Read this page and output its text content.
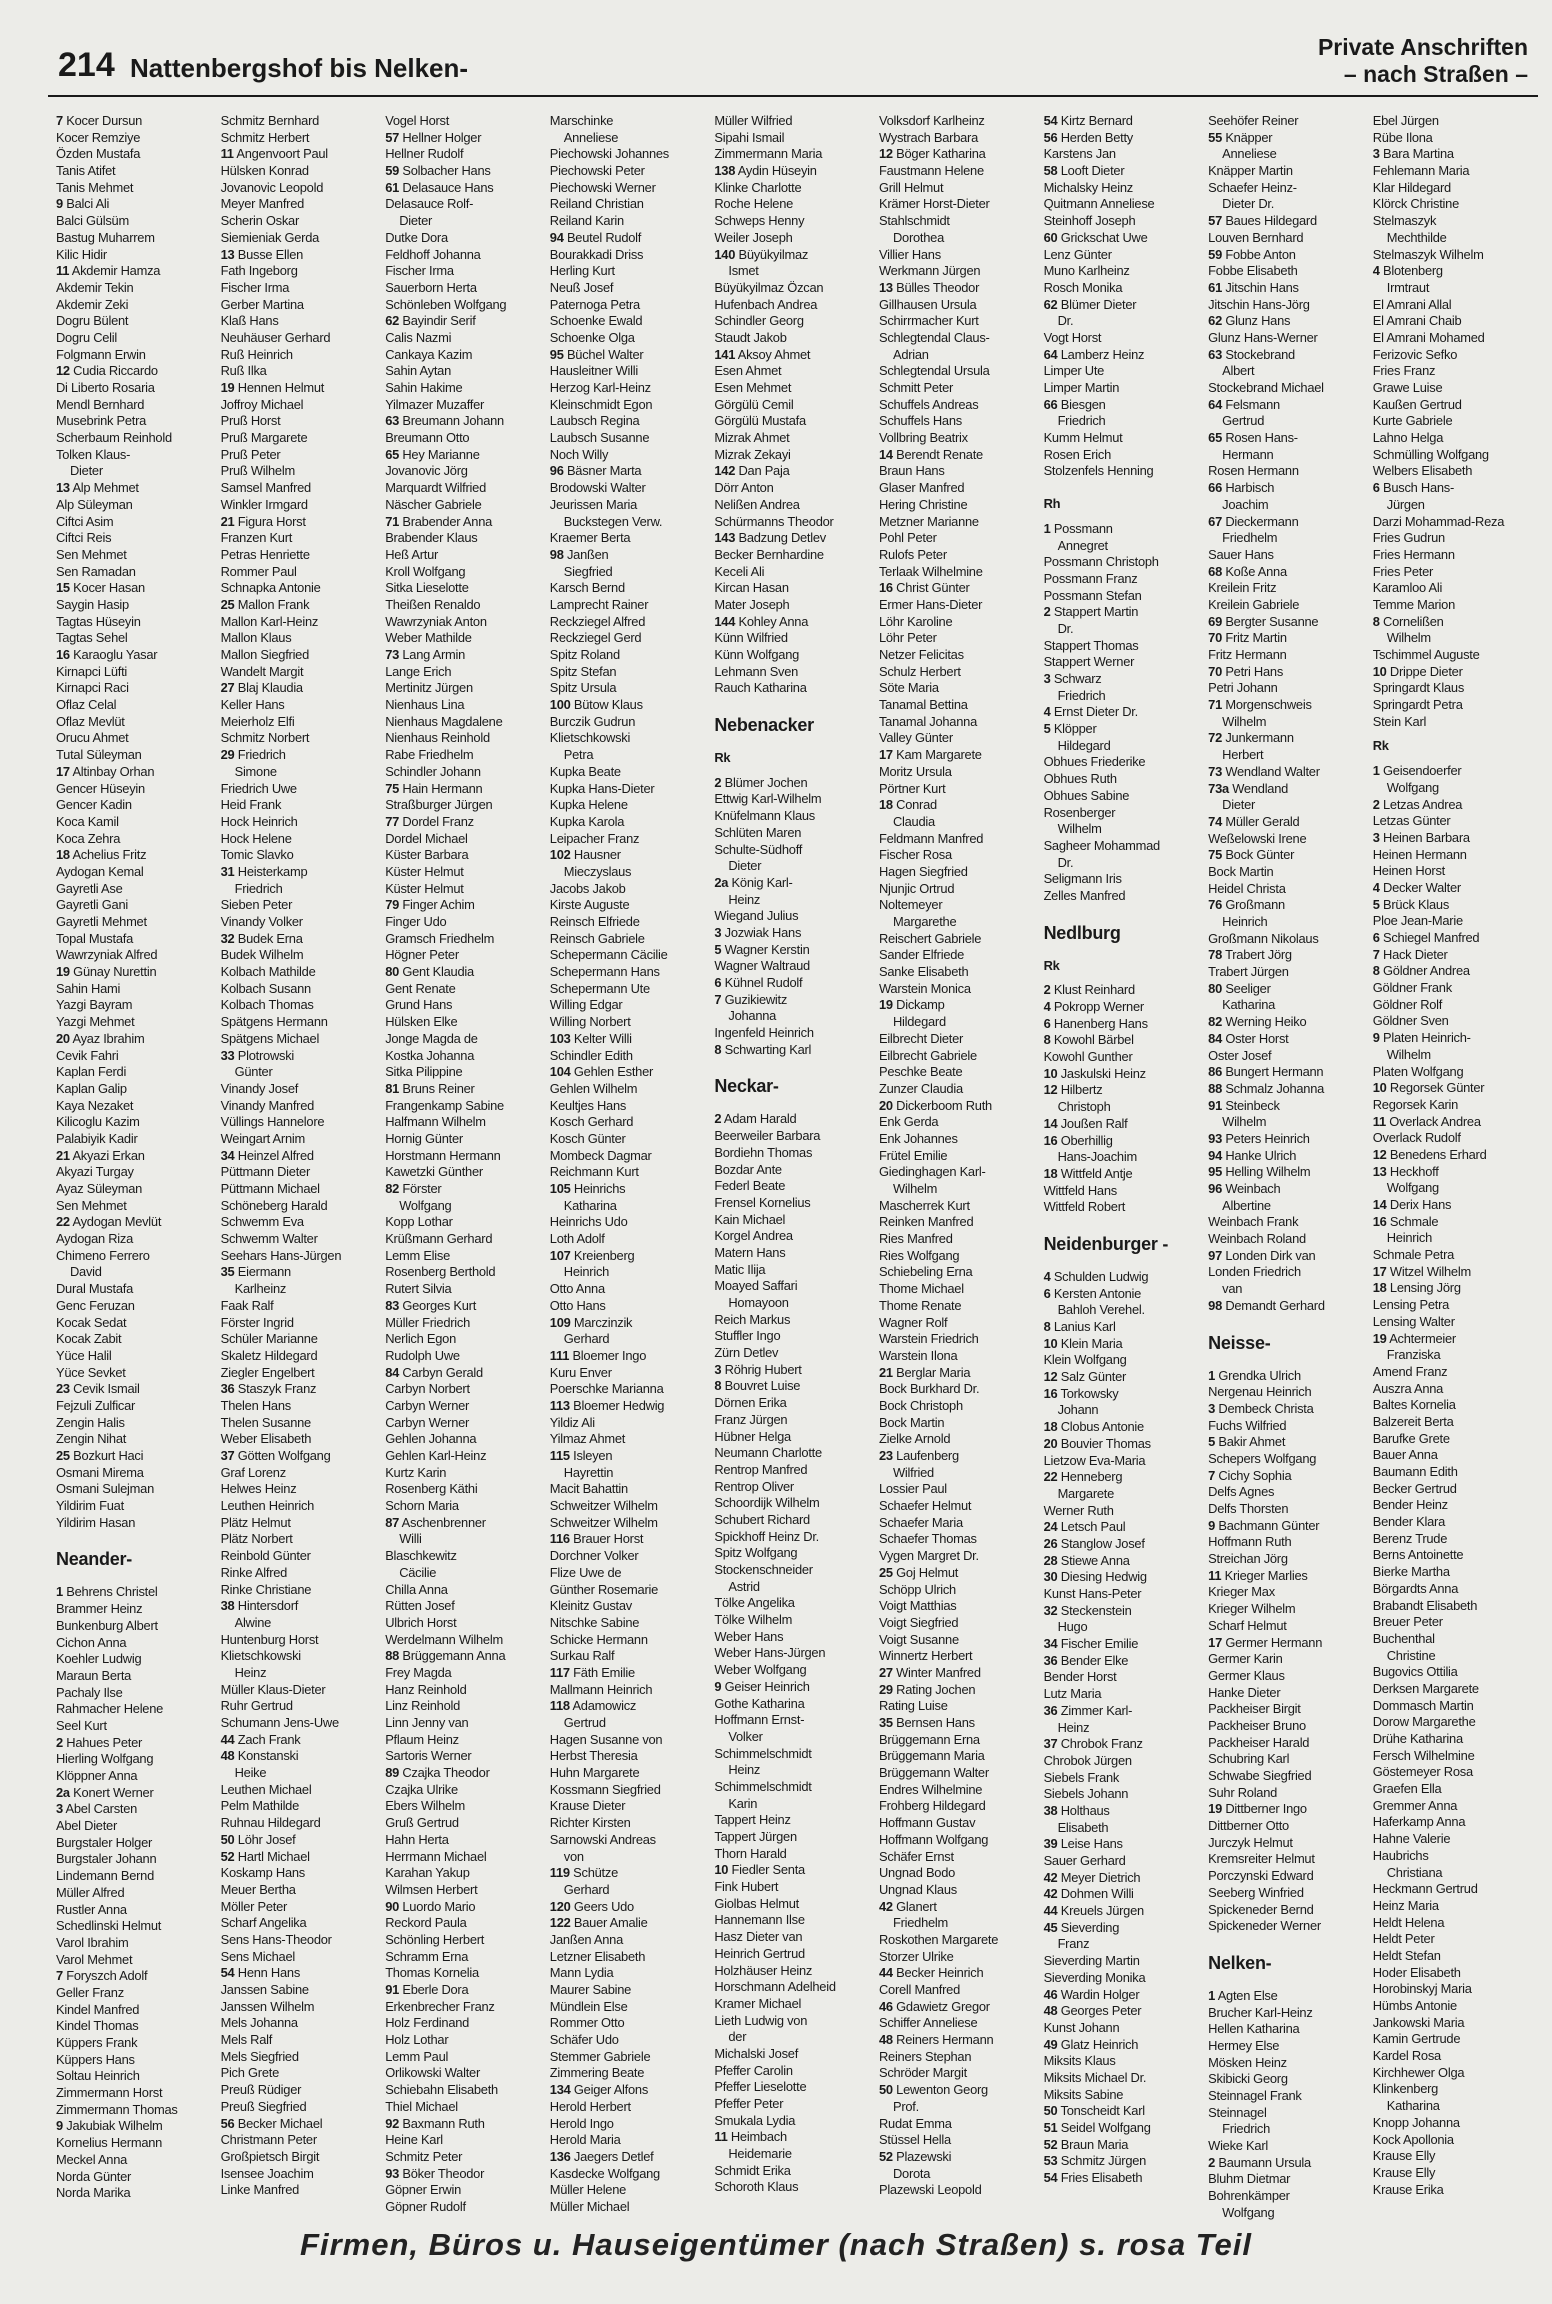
214 Nattenbergshof bis Nelken-
Private Anschriften
– nach Straßen –
7 Kocer Dursun
Kocer Remziye
Özden Mustafa
Tanis Atifet
Tanis Mehmet
9 Balci Ali
Balci Gülsüm
Bastug Muharrem
Kilic Hidir
11 Akdemir Hamza
Akdemir Tekin
Akdemir Zeki
Dogru Bülent
Dogru Celil
Folgmann Erwin
12 Cudia Riccardo
Di Liberto Rosaria
Mendl Bernhard
Musebrink Petra
Scherbaum Reinhold
Tolken Klaus-
Dieter
13 Alp Mehmet
Alp Süleyman
Ciftci Asim
Ciftci Reis
Sen Mehmet
Sen Ramadan
15 Kocer Hasan
Saygin Hasip
Tagtas Hüseyin
Tagtas Sehel
16 Karaoglu Yasar
Kirnapci Lüfti
Kirnapci Raci
Oflaz Celal
Oflaz Mevlüt
Orucu Ahmet
Tutal Süleyman
17 Altinbay Orhan
Gencer Hüseyin
Gencer Kadin
Koca Kamil
Koca Zehra
18 Achelius Fritz
Aydogan Kemal
Gayretli Ase
Gayretli Gani
Gayretli Mehmet
Topal Mustafa
Wawrzyniak Alfred
19 Günay Nurettin
Sahin Hami
Yazgi Bayram
Yazgi Mehmet
20 Ayaz Ibrahim
Cevik Fahri
Kaplan Ferdi
Kaplan Galip
Kaya Nezaket
Kilicoglu Kazim
Palabiyik Kadir
21 Akyazi Erkan
Akyazi Turgay
Ayaz Süleyman
Sen Mehmet
22 Aydogan Mevlüt
Aydogan Riza
Chimeno Ferrero
David
Dural Mustafa
Genc Feruzan
Kocak Sedat
Kocak Zabit
Yüce Halil
Yüce Sevket
23 Cevik Ismail
Fejzuli Zulficar
Zengin Halis
Zengin Nihat
25 Bozkurt Haci
Osmani Mirema
Osmani Sulejman
Yildirim Fuat
Yildirim Hasan
Neander-
1 Behrens Christel
Brammer Heinz
Bunkenburg Albert
Cichon Anna
Koehler Ludwig
Maraun Berta
Pachaly Ilse
Rahmacher Helene
Seel Kurt
2 Hahues Peter
Hierling Wolfgang
Klöppner Anna
2a Konert Werner
3 Abel Carsten
Abel Dieter
Burgstaler Holger
Burgstaler Johann
Lindemann Bernd
Müller Alfred
Rustler Anna
Schedlinski Helmut
Varol Ibrahim
Varol Mehmet
7 Foryszch Adolf
Geller Franz
Kindel Manfred
Kindel Thomas
Küppers Frank
Küppers Hans
Soltau Heinrich
Zimmermann Horst
Zimmermann Thomas
9 Jakubiak Wilhelm
Kornelius Hermann
Meckel Anna
Norda Günter
Norda Marika
Schmitz Bernhard
Schmitz Herbert
11 Angenvoort Paul
Hülsken Konrad
Jovanovic Leopold
Meyer Manfred
Scherin Oskar
Siemieniak Gerda
13 Busse Ellen
Fath Ingeborg
Fischer Irma
Gerber Martina
Klaß Hans
Neuhäuser Gerhard
Ruß Heinrich
Ruß Ilka
19 Hennen Helmut
Joffroy Michael
Pruß Horst
Pruß Margarete
Pruß Peter
Pruß Wilhelm
Samsel Manfred
Winkler Irmgard
21 Figura Horst
Franzen Kurt
Petras Henriette
Rommer Paul
Schnapka Antonie
25 Mallon Frank
Mallon Karl-Heinz
Mallon Klaus
Mallon Siegfried
Wandelt Margit
27 Blaj Klaudia
Keller Hans
Meierholz Elfi
Schmitz Norbert
29 Friedrich
Simone
Friedrich Uwe
Heid Frank
Hock Heinrich
Hock Helene
Tomic Slavko
31 Heisterkamp
Friedrich
Sieben Peter
Vinandy Volker
32 Budek Erna
Budek Wilhelm
Kolbach Mathilde
Kolbach Susann
Kolbach Thomas
Spätgens Hermann
Spätgens Michael
33 Plotrowski
Günter
Vinandy Josef
Vinandy Manfred
Vüllings Hannelore
Weingart Arnim
34 Heinzel Alfred
Püttmann Dieter
Püttmann Michael
Schöneberg Harald
Schwemm Eva
Schwemm Walter
Seehars Hans-Jürgen
35 Eiermann
Karlheinz
Faak Ralf
Förster Ingrid
Schüler Marianne
Skaletz Hildegard
Ziegler Engelbert
36 Staszyk Franz
Thelen Hans
Thelen Susanne
Weber Elisabeth
37 Götten Wolfgang
Graf Lorenz
Helwes Heinz
Leuthen Heinrich
Plätz Helmut
Plätz Norbert
Reinbold Günter
Rinke Alfred
Rinke Christiane
38 Hintersdorf
Alwine
Huntenburg Horst
Klietschkowski
Heinz
Müller Klaus-Dieter
Ruhr Gertrud
Schumann Jens-Uwe
44 Zach Frank
48 Konstanski
Heike
Leuthen Michael
Pelm Mathilde
Ruhnau Hildegard
50 Löhr Josef
52 Hartl Michael
Koskamp Hans
Meuer Bertha
Möller Peter
Scharf Angelika
Sens Hans-Theodor
Sens Michael
54 Henn Hans
Janssen Sabine
Janssen Wilhelm
Mels Johanna
Mels Ralf
Mels Siegfried
Pich Grete
Preuß Rüdiger
Preuß Siegfried
56 Becker Michael
Christmann Peter
Großpietsch Birgit
Isensee Joachim
Linke Manfred
Vogel Horst
57 Hellner Holger
Hellner Rudolf
59 Solbacher Hans
61 Delasauce Hans
Delasauce Rolf-
Dieter
Dutke Dora
Feldhoff Johanna
Fischer Irma
Sauerborn Herta
Schönleben Wolfgang
62 Bayindir Serif
Calis Nazmi
Cankaya Kazim
Sahin Aytan
Sahin Hakime
Yilmazer Muzaffer
63 Breumann Johann
Breumann Otto
65 Hey Marianne
Jovanovic Jörg
Marquardt Wilfried
Näscher Gabriele
71 Brabender Anna
Brabender Klaus
Heß Artur
Kroll Wolfgang
Sitka Lieselotte
Theißen Renaldo
Wawrzyniak Anton
Weber Mathilde
73 Lang Armin
Lange Erich
Mertinitz Jürgen
Nienhaus Lina
Nienhaus Magdalene
Nienhaus Reinhold
Rabe Friedhelm
Schindler Johann
75 Hain Hermann
Straßburger Jürgen
77 Dordel Franz
Dordel Michael
Küster Barbara
Küster Helmut
Küster Helmut
79 Finger Achim
Finger Udo
Gramsch Friedhelm
Högner Peter
80 Gent Klaudia
Gent Renate
Grund Hans
Hülsken Elke
Jonge Magda de
Kostka Johanna
Sitka Pilippine
81 Bruns Reiner
Frangenkamp Sabine
Halfmann Wilhelm
Hornig Günter
Horstmann Hermann
Kawetzki Günther
82 Förster
Wolfgang
Kopp Lothar
Krüßmann Gerhard
Lemm Elise
Rosenberg Berthold
Rutert Silvia
83 Georges Kurt
Müller Friedrich
Nerlich Egon
Rudolph Uwe
84 Carbyn Gerald
Carbyn Norbert
Carbyn Werner
Carbyn Werner
Gehlen Johanna
Gehlen Karl-Heinz
Kurtz Karin
Rosenberg Käthi
Schorn Maria
87 Aschenbrenner
Willi
Blaschkewitz
Cäcilie
Chilla Anna
Rütten Josef
Ulbrich Horst
Werdelmann Wilhelm
88 Brüggemann Anna
Frey Magda
Hanz Reinhold
Linz Reinhold
Linn Jenny van
Pflaum Heinz
Sartoris Werner
89 Czajka Theodor
Czajka Ulrike
Ebers Wilhelm
Gruß Gertrud
Hahn Herta
Herrmann Michael
Karahan Yakup
Wilmsen Herbert
90 Luordo Mario
Reckord Paula
Schönling Herbert
Schramm Erna
Thomas Kornelia
91 Eberle Dora
Erkenbrecher Franz
Holz Ferdinand
Holz Lothar
Lemm Paul
Orlikowski Walter
Schiebahn Elisabeth
Thiel Michael
92 Baxmann Ruth
Heine Karl
Schmitz Peter
93 Böker Theodor
Göpner Erwin
Göpner Rudolf
Marschinke
Anneliese
Piechowski Johannes
Piechowski Peter
Piechowski Werner
Reiland Christian
Reiland Karin
94 Beutel Rudolf
Bourakkadi Driss
Herling Kurt
Neuß Josef
Paternoga Petra
Schoenke Ewald
Schoenke Olga
95 Büchel Walter
Hausleitner Willi
Herzog Karl-Heinz
Kleinschmidt Egon
Laubsch Regina
Laubsch Susanne
Noch Willy
96 Bäsner Marta
Brodowski Walter
Jeurissen Maria
Buckstegen Verw.
Kraemer Berta
98 Janßen
Siegfried
Karsch Bernd
Lamprecht Rainer
Reckziegel Alfred
Reckziegel Gerd
Spitz Roland
Spitz Stefan
Spitz Ursula
100 Bütow Klaus
Burczik Gudrun
Klietschkowski
Petra
Kupka Beate
Kupka Hans-Dieter
Kupka Helene
Kupka Karola
Leipacher Franz
102 Hausner
Mieczyslaus
Jacobs Jakob
Kirste Auguste
Reinsch Elfriede
Reinsch Gabriele
Schepermann Cäcilie
Schepermann Hans
Schepermann Ute
Willing Edgar
Willing Norbert
103 Kelter Willi
Schindler Edith
104 Gehlen Esther
Gehlen Wilhelm
Keultjes Hans
Kosch Gerhard
Kosch Günter
Mombeck Dagmar
Reichmann Kurt
105 Heinrichs
Katharina
Heinrichs Udo
Loth Adolf
107 Kreienberg
Heinrich
Otto Anna
Otto Hans
109 Marczinzik
Gerhard
111 Bloemer Ingo
Kuru Enver
Poerschke Marianna
113 Bloemer Hedwig
Yildiz Ali
Yilmaz Ahmet
115 Isleyen
Hayrettin
Macit Bahattin
Schweitzer Wilhelm
Schweitzer Wilhelm
116 Brauer Horst
Dorchner Volker
Flize Uwe de
Günther Rosemarie
Kleinitz Gustav
Nitschke Sabine
Schicke Hermann
Surkau Ralf
117 Fäth Emilie
Mallmann Heinrich
118 Adamowicz
Gertrud
Hagen Susanne von
Herbst Theresia
Huhn Margarete
Kossmann Siegfried
Krause Dieter
Richter Kirsten
Sarnowski Andreas
von
119 Schütze
Gerhard
120 Geers Udo
122 Bauer Amalie
Janßen Anna
Letzner Elisabeth
Mann Lydia
Maurer Sabine
Mündlein Else
Rommer Otto
Schäfer Udo
Stemmer Gabriele
Zimmering Beate
134 Geiger Alfons
Herold Herbert
Herold Ingo
Herold Maria
136 Jaegers Detlef
Kasdecke Wolfgang
Müller Helene
Müller Michael
Müller Wilfried
Sipahi Ismail
Zimmermann Maria
138 Aydin Hüseyin
Klinke Charlotte
Roche Helene
Schweps Henny
Weiler Joseph
140 Büyükyilmaz
Ismet
Büyükyilmaz Özcan
Hufenbach Andrea
Schindler Georg
Staudt Jakob
141 Aksoy Ahmet
Esen Ahmet
Esen Mehmet
Görgülü Cemil
Görgülü Mustafa
Mizrak Ahmet
Mizrak Zekayi
142 Dan Paja
Dörr Anton
Nelißen Andrea
Schürmanns Theodor
143 Badzung Detlev
Becker Bernhardine
Keceli Ali
Kircan Hasan
Mater Joseph
144 Kohley Anna
Künn Wilfried
Künn Wolfgang
Lehmann Sven
Rauch Katharina
Nebenacker
Rk
2 Blümer Jochen
Ettwig Karl-Wilhelm
Knüfelmann Klaus
Schlüten Maren
Schulte-Südhoff
Dieter
2a König Karl-
Heinz
Wiegand Julius
3 Jozwiak Hans
5 Wagner Kerstin
Wagner Waltraud
6 Kühnel Rudolf
7 Guzikiewitz
Johanna
Ingenfeld Heinrich
8 Schwarting Karl
Neckar-
2 Adam Harald
Beerweiler Barbara
Bordiehn Thomas
Bozdar Ante
Federl Beate
Frensel Kornelius
Kain Michael
Korgel Andrea
Matern Hans
Matic Ilija
Moayed Saffari
Homayoon
Reich Markus
Stuffler Ingo
Zürn Detlev
3 Röhrig Hubert
8 Bouvret Luise
Dörnen Erika
Franz Jürgen
Hübner Helga
Neumann Charlotte
Rentrop Manfred
Rentrop Oliver
Schoordijk Wilhelm
Schubert Richard
Spickhoff Heinz Dr.
Spitz Wolfgang
Stockenschneider
Astrid
Tölke Angelika
Tölke Wilhelm
Weber Hans
Weber Hans-Jürgen
Weber Wolfgang
9 Geiser Heinrich
Gothe Katharina
Hoffmann Ernst-
Volker
Schimmelschmidt
Heinz
Schimmelschmidt
Karin
Tappert Heinz
Tappert Jürgen
Thorn Harald
10 Fiedler Senta
Fink Hubert
Giolbas Helmut
Hannemann Ilse
Hasz Dieter van
Heinrich Gertrud
Holzhäuser Heinz
Horschmann Adelheid
Kramer Michael
Lieth Ludwig von
der
Michalski Josef
Pfeffer Carolin
Pfeffer Lieselotte
Pfeffer Peter
Smukala Lydia
11 Heimbach
Heidemarie
Schmidt Erika
Schoroth Klaus
Volksdorf Karlheinz
Wystrach Barbara
12 Böger Katharina
Faustmann Helene
Grill Helmut
Krämer Horst-Dieter
Stahlschmidt
Dorothea
Villier Hans
Werkmann Jürgen
13 Bülles Theodor
Gillhausen Ursula
Schirrmacher Kurt
Schlegtendal Claus-
Adrian
Schlegtendal Ursula
Schmitt Peter
Schuffels Andreas
Schuffels Hans
Vollbring Beatrix
14 Berendt Renate
Braun Hans
Glaser Manfred
Hering Christine
Metzner Marianne
Pohl Peter
Rulofs Peter
Terlaak Wilhelmine
16 Christ Günter
Ermer Hans-Dieter
Löhr Karoline
Löhr Peter
Netzer Felicitas
Schulz Herbert
Söte Maria
Tanamal Bettina
Tanamal Johanna
Valley Günter
17 Kam Margarete
Moritz Ursula
Pörtner Kurt
18 Conrad
Claudia
Feldmann Manfred
Fischer Rosa
Hagen Siegfried
Njunjic Ortrud
Noltemeyer
Margarethe
Reischert Gabriele
Sander Elfriede
Sanke Elisabeth
Warstein Monica
19 Dickamp
Hildegard
Eilbrecht Dieter
Eilbrecht Gabriele
Peschke Beate
Zunzer Claudia
20 Dickerboom Ruth
Enk Gerda
Enk Johannes
Frütel Emilie
Giedinghagen Karl-
Wilhelm
Mascherrek Kurt
Reinken Manfred
Ries Manfred
Ries Wolfgang
Schiebeling Erna
Thome Michael
Thome Renate
Wagner Rolf
Warstein Friedrich
Warstein Ilona
21 Berglar Maria
Bock Burkhard Dr.
Bock Christoph
Bock Martin
Zielke Arnold
23 Laufenberg
Wilfried
Lossier Paul
Schaefer Helmut
Schaefer Maria
Schaefer Thomas
Vygen Margret Dr.
25 Goj Helmut
Schöpp Ulrich
Voigt Matthias
Voigt Siegfried
Voigt Susanne
Winnertz Herbert
27 Winter Manfred
29 Rating Jochen
Rating Luise
35 Bernsen Hans
Brüggemann Erna
Brüggemann Maria
Brüggemann Walter
Endres Wilhelmine
Frohberg Hildegard
Hoffmann Gustav
Hoffmann Wolfgang
Schäfer Ernst
Ungnad Bodo
Ungnad Klaus
42 Glanert
Friedhelm
Roskothen Margarete
Storzer Ulrike
44 Becker Heinrich
Corell Manfred
46 Gdawietz Gregor
Schiffer Anneliese
48 Reiners Hermann
Reiners Stephan
Schröder Margit
50 Lewenton Georg
Prof.
Rudat Emma
Stüssel Hella
52 Plazewski
Dorota
Plazewski Leopold
54 Kirtz Bernard
56 Herden Betty
Karstens Jan
58 Looft Dieter
Michalsky Heinz
Quitmann Anneliese
Steinhoff Joseph
60 Grickschat Uwe
Lenz Günter
Muno Karlheinz
Rosch Monika
62 Blümer Dieter
Dr.
Vogt Horst
64 Lamberz Heinz
Limper Ute
Limper Martin
66 Biesgen
Friedrich
Kumm Helmut
Rosen Erich
Stolzenfels Henning
Rh
1 Possmann
Annegret
Possmann Christoph
Possmann Franz
Possmann Stefan
2 Stappert Martin
Dr.
Stappert Thomas
Stappert Werner
3 Schwarz
Friedrich
4 Ernst Dieter Dr.
5 Klöpper
Hildegard
Obhues Friederike
Obhues Ruth
Obhues Sabine
Rosenberger
Wilhelm
Sagheer Mohammad
Dr.
Seligmann Iris
Zelles Manfred
Nedlburg
Rk
2 Klust Reinhard
4 Pokropp Werner
6 Hanenberg Hans
8 Kowohl Bärbel
Kowohl Gunther
10 Jaskulski Heinz
12 Hilbertz
Christoph
14 Joußen Ralf
16 Oberhillig
Hans-Joachim
18 Wittfeld Antje
Wittfeld Hans
Wittfeld Robert
Neidenburger -
4 Schulden Ludwig
6 Kersten Antonie
Bahloh Verehel.
8 Lanius Karl
10 Klein Maria
Klein Wolfgang
12 Salz Günter
16 Torkowsky
Johann
18 Clobus Antonie
20 Bouvier Thomas
Lietzow Eva-Maria
22 Henneberg
Margarete
Werner Ruth
24 Letsch Paul
26 Stanglow Josef
28 Stiewe Anna
30 Diesing Hedwig
Kunst Hans-Peter
32 Steckenstein
Hugo
34 Fischer Emilie
36 Bender Elke
Bender Horst
Lutz Maria
36 Zimmer Karl-
Heinz
37 Chrobok Franz
Chrobok Jürgen
Siebels Frank
Siebels Johann
38 Holthaus
Elisabeth
39 Leise Hans
Sauer Gerhard
42 Meyer Dietrich
42 Dohmen Willi
44 Kreuels Jürgen
45 Sieverding
Franz
Sieverding Martin
Sieverding Monika
46 Wardin Holger
48 Georges Peter
Kunst Johann
49 Glatz Heinrich
Miksits Klaus
Miksits Michael Dr.
Miksits Sabine
50 Tonscheidt Karl
51 Seidel Wolfgang
52 Braun Maria
53 Schmitz Jürgen
54 Fries Elisabeth
Seehöfer Reiner
55 Knäpper
Anneliese
Knäpper Martin
Schaefer Heinz-
Dieter Dr.
57 Baues Hildegard
Louven Bernhard
59 Fobbe Anton
Fobbe Elisabeth
61 Jitschin Hans
Jitschin Hans-Jörg
62 Glunz Hans
Glunz Hans-Werner
63 Stockebrand
Albert
Stockebrand Michael
64 Felsmann
Gertrud
65 Rosen Hans-
Hermann
Rosen Hermann
66 Harbisch
Joachim
67 Dieckermann
Friedhelm
Sauer Hans
68 Koße Anna
Kreilein Fritz
Kreilein Gabriele
69 Bergter Susanne
70 Fritz Martin
Fritz Hermann
70 Petri Hans
Petri Johann
71 Morgenschweis
Wilhelm
72 Junkermann
Herbert
73 Wendland Walter
73a Wendland
Dieter
74 Müller Gerald
Weßelowski Irene
75 Bock Günter
Bock Martin
Heidel Christa
76 Großmann
Heinrich
Großmann Nikolaus
78 Trabert Jörg
Trabert Jürgen
80 Seeliger
Katharina
82 Werning Heiko
84 Oster Horst
Oster Josef
86 Bungert Hermann
88 Schmalz Johanna
91 Steinbeck
Wilhelm
93 Peters Heinrich
94 Hanke Ulrich
95 Helling Wilhelm
96 Weinbach
Albertine
Weinbach Frank
Weinbach Roland
97 Londen Dirk van
Londen Friedrich
van
98 Demandt Gerhard
Neisse-
1 Grendka Ulrich
Nergenau Heinrich
3 Dembeck Christa
Fuchs Wilfried
5 Bakir Ahmet
Schepers Wolfgang
7 Cichy Sophia
Delfs Agnes
Delfs Thorsten
9 Bachmann Günter
Hoffmann Ruth
Streichan Jörg
11 Krieger Marlies
Krieger Max
Krieger Wilhelm
Scharf Helmut
17 Germer Hermann
Germer Karin
Germer Klaus
Hanke Dieter
Packheiser Birgit
Packheiser Bruno
Packheiser Harald
Schubring Karl
Schwabe Siegfried
Suhr Roland
19 Dittberner Ingo
Dittberner Otto
Jurczyk Helmut
Kremsreiter Helmut
Porczynski Edward
Seeberg Winfried
Spickeneder Bernd
Spickeneder Werner
Nelken-
1 Agten Else
Brucher Karl-Heinz
Hellen Katharina
Hermey Else
Mösken Heinz
Skibicki Georg
Steinnagel Frank
Steinnagel
Friedrich
Wieke Karl
2 Baumann Ursula
Bluhm Dietmar
Bohrenkämper
Wolfgang
Ebel Jürgen
Rübe Ilona
3 Bara Martina
Fehlemann Maria
Klar Hildegard
Klörck Christine
Stelmaszyk
Mechthilde
Stelmaszyk Wilhelm
4 Blotenberg
Irmtraut
El Amrani Allal
El Amrani Chaib
El Amrani Mohamed
Ferizovic Sefko
Fries Franz
Grawe Luise
Kaußen Gertrud
Kurte Gabriele
Lahno Helga
Schmülling Wolfgang
Welbers Elisabeth
6 Busch Hans-
Jürgen
Darzi Mohammad-Reza
Fries Gudrun
Fries Hermann
Fries Peter
Karamloo Ali
Temme Marion
8 Cornelißen
Wilhelm
Tschimmel Auguste
10 Drippe Dieter
Springardt Klaus
Springardt Petra
Stein Karl
Rk
1 Geisendoerfer
Wolfgang
2 Letzas Andrea
Letzas Günter
3 Heinen Barbara
Heinen Hermann
Heinen Horst
4 Decker Walter
5 Brück Klaus
Ploe Jean-Marie
6 Schiegel Manfred
7 Hack Dieter
8 Göldner Andrea
Göldner Frank
Göldner Rolf
Göldner Sven
9 Platen Heinrich-
Wilhelm
Platen Wolfgang
10 Regorsek Günter
Regorsek Karin
11 Overlack Andrea
Overlack Rudolf
12 Benedens Erhard
13 Heckhoff
Wolfgang
14 Derix Hans
16 Schmale
Heinrich
Schmale Petra
17 Witzel Wilhelm
18 Lensing Jörg
Lensing Petra
Lensing Walter
19 Achtermeier
Franziska
Amend Franz
Auszra Anna
Baltes Kornelia
Balzereit Berta
Barufke Grete
Bauer Anna
Baumann Edith
Becker Gertrud
Bender Heinz
Bender Klara
Berenz Trude
Berns Antoinette
Bierke Martha
Börgardts Anna
Brabandt Elisabeth
Breuer Peter
Buchenthal
Christine
Bugovics Ottilia
Derksen Margarete
Dommasch Martin
Dorow Margarethe
Drühe Katharina
Fersch Wilhelmine
Göstemeyer Rosa
Graefen Ella
Gremmer Anna
Haferkamp Anna
Hahne Valerie
Haubrichs
Christiana
Heckmann Gertrud
Heinz Maria
Heldt Helena
Heldt Peter
Heldt Stefan
Hoder Elisabeth
Horobinskyj Maria
Hümbs Antonie
Jankowski Maria
Kamin Gertrude
Kardel Rosa
Kirchhewer Olga
Klinkenberg
Katharina
Knopp Johanna
Kock Apollonia
Krause Elly
Krause Elly
Krause Erika
Firmen, Büros u. Hauseigentümer (nach Straßen) s. rosa Teil
